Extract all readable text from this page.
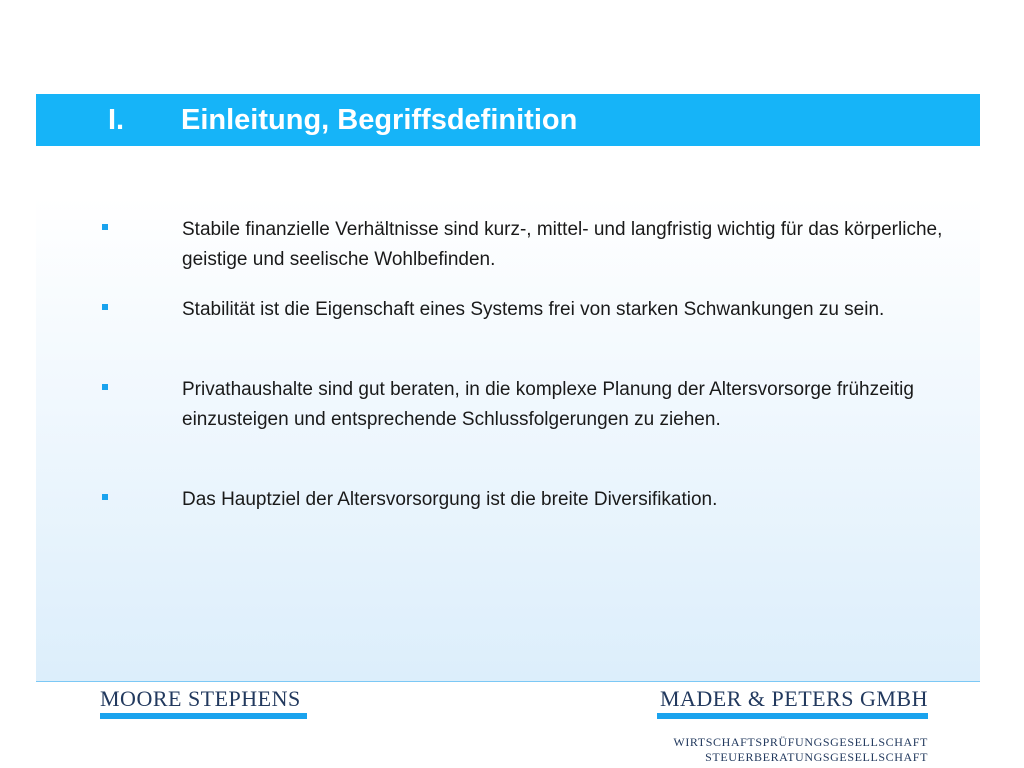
I. Einleitung, Begriffsdefinition
Stabile finanzielle Verhältnisse sind kurz-, mittel- und langfristig wichtig für das körperliche, geistige und seelische Wohlbefinden.
Stabilität ist die Eigenschaft eines Systems frei von starken Schwankungen zu sein.
Privathaushalte sind gut beraten, in die komplexe Planung der Altersvorsorge frühzeitig einzusteigen und entsprechende Schlussfolgerungen zu ziehen.
Das Hauptziel der Altersvorsorgung ist die breite Diversifikation.
MOORE STEPHENS	MADER & PETERS GMBH
WIRTSCHAFTSPRÜFUNGSGESELLSCHAFT
STEUERBERATUNGSGESELLSCHAFT
